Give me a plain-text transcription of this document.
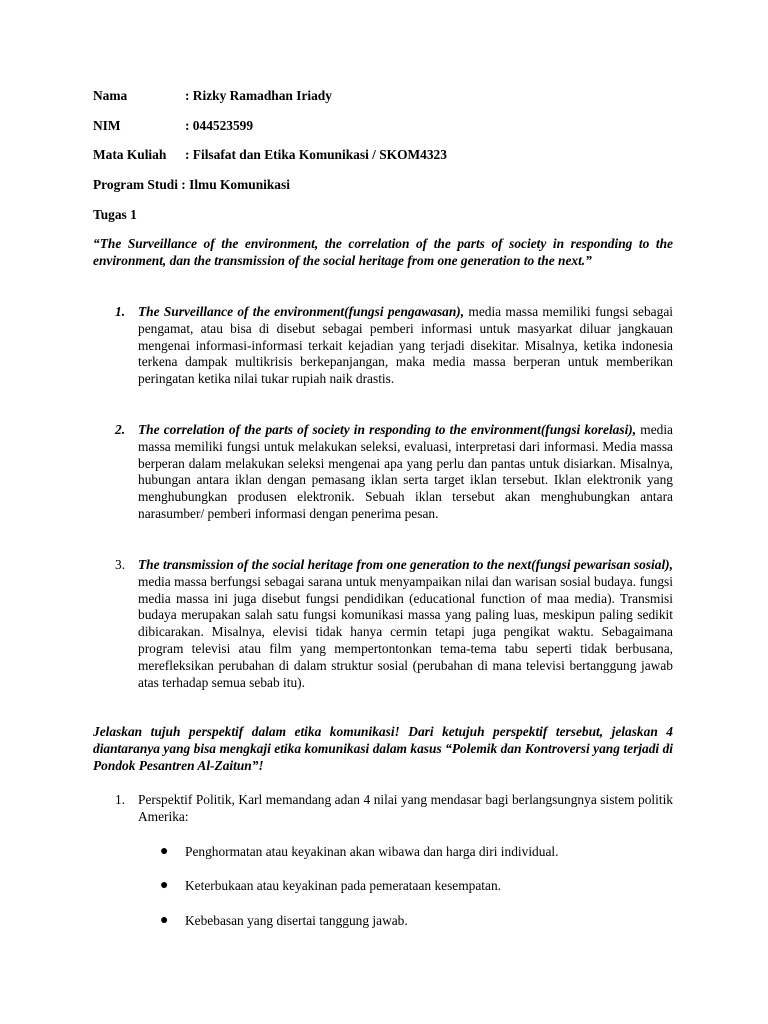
Nama	: Rizky Ramadhan Iriady
NIM	: 044523599
Mata Kuliah : Filsafat dan Etika Komunikasi / SKOM4323
Program Studi : Ilmu Komunikasi
Tugas 1
“The Surveillance of the environment, the correlation of the parts of society in responding to the environment, dan the transmission of the social heritage from one generation to the next.”
1. The Surveillance of the environment(fungsi pengawasan), media massa memiliki fungsi sebagai pengamat, atau bisa di disebut sebagai pemberi informasi untuk masyarkat diluar jangkauan mengenai informasi-informasi terkait kejadian yang terjadi disekitar. Misalnya, ketika indonesia terkena dampak multikrisis berkepanjangan, maka media massa berperan untuk memberikan peringatan ketika nilai tukar rupiah naik drastis.
2. The correlation of the parts of society in responding to the environment(fungsi korelasi), media massa memiliki fungsi untuk melakukan seleksi, evaluasi, interpretasi dari informasi. Media massa berperan dalam melakukan seleksi mengenai apa yang perlu dan pantas untuk disiarkan. Misalnya, hubungan antara iklan dengan pemasang iklan serta target iklan tersebut. Iklan elektronik yang menghubungkan produsen elektronik. Sebuah iklan tersebut akan menghubungkan antara narasumber/ pemberi informasi dengan penerima pesan.
3. The transmission of the social heritage from one generation to the next(fungsi pewarisan sosial), media massa berfungsi sebagai sarana untuk menyampaikan nilai dan warisan sosial budaya. fungsi media massa ini juga disebut fungsi pendidikan (educational function of maa media). Transmisi budaya merupakan salah satu fungsi komunikasi massa yang paling luas, meskipun paling sedikit dibicarakan. Misalnya, elevisi tidak hanya cermin tetapi juga pengikat waktu. Sebagaimana program televisi atau film yang mempertontonkan tema-tema tabu seperti tidak berbusana, merefleksikan perubahan di dalam struktur sosial (perubahan di mana televisi bertanggung jawab atas terhadap semua sebab itu).
Jelaskan tujuh perspektif dalam etika komunikasi! Dari ketujuh perspektif tersebut, jelaskan 4 diantaranya yang bisa mengkaji etika komunikasi dalam kasus “Polemik dan Kontroversi yang terjadi di Pondok Pesantren Al-Zaitun”!
1. Perspektif Politik, Karl memandang adan 4 nilai yang mendasar bagi berlangsungnya sistem politik Amerika:
● Penghormatan atau keyakinan akan wibawa dan harga diri individual.
● Keterbukaan atau keyakinan pada pemerataan kesempatan.
● Kebebasan yang disertai tanggung jawab.
